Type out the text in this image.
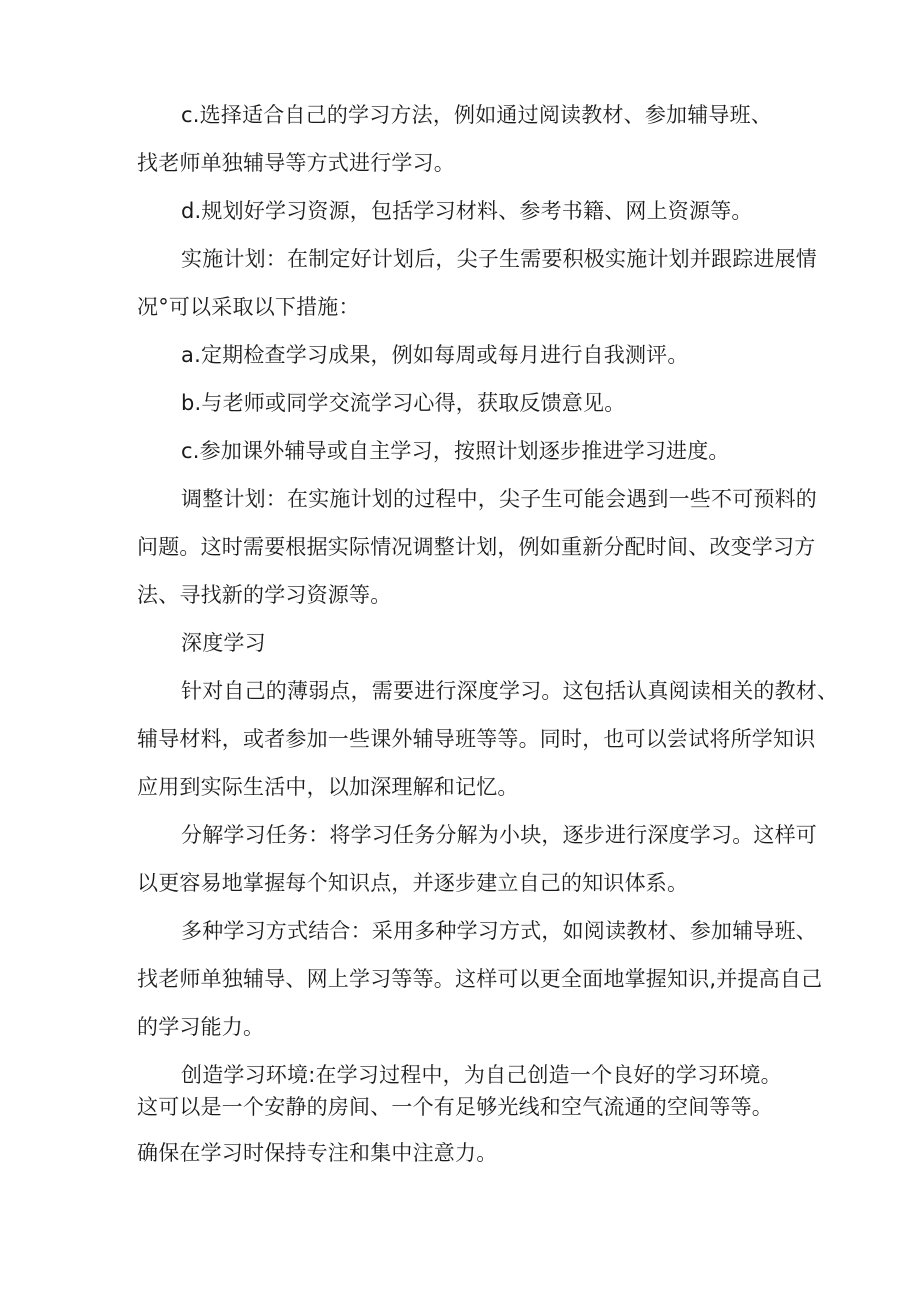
c.选择适合自己的学习方法，例如通过阅读教材、参加辅导班、
找老师单独辅导等方式进行学习。
d.规划好学习资源，包括学习材料、参考书籍、网上资源等。
实施计划：在制定好计划后，尖子生需要积极实施计划并跟踪进展情
况°可以采取以下措施：
a.定期检查学习成果，例如每周或每月进行自我测评。
b.与老师或同学交流学习心得，获取反馈意见。
c.参加课外辅导或自主学习，按照计划逐步推进学习进度。
调整计划：在实施计划的过程中，尖子生可能会遇到一些不可预料的
问题。这时需要根据实际情况调整计划，例如重新分配时间、改变学习方
法、寻找新的学习资源等。
深度学习
针对自己的薄弱点，需要进行深度学习。这包括认真阅读相关的教材、
辅导材料，或者参加一些课外辅导班等等。同时，也可以尝试将所学知识
应用到实际生活中，以加深理解和记忆。
分解学习任务：将学习任务分解为小块，逐步进行深度学习。这样可
以更容易地掌握每个知识点，并逐步建立自己的知识体系。
多种学习方式结合：采用多种学习方式，如阅读教材、参加辅导班、
找老师单独辅导、网上学习等等。这样可以更全面地掌握知识,并提高自己
的学习能力。
创造学习环境:在学习过程中，为自己创造一个良好的学习环境。
这可以是一个安静的房间、一个有足够光线和空气流通的空间等等。
确保在学习时保持专注和集中注意力。
